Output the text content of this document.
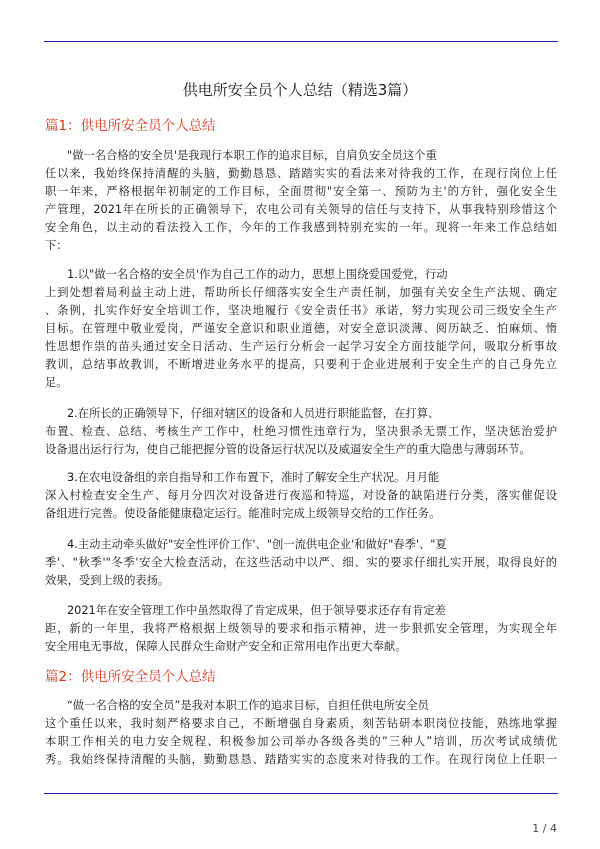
供电所安全员个人总结（精选3篇）
篇1：供电所安全员个人总结
"做一名合格的安全员'是我现行本职工作的追求目标，自肩负安全员这个重
任以来，我始终保持清醒的头脑，勤勤恳恳、踏踏实实的看法来对待我的工作，在现行岗位上任
职一年来，严格根据年初制定的工作目标，全面贯彻"安全第一、预防为主'的方针，强化安全生
产管理，2021年在所长的正确领导下，农电公司有关领导的信任与支持下，从事我特别珍惜这个
安全角色，以主动的看法投入工作，今年的工作我感到特别充实的一年。现将一年来工作总结如
下：
1.以"做一名合格的安全员'作为自己工作的动力，思想上围绕爱国爱党，行动
上到处想着局利益主动上进，帮助所长仔细落实安全生产责任制，加强有关安全生产法规、确定
、条例，扎实作好安全培训工作，坚决地履行《安全责任书》承诺，努力实现公司三级安全生产
目标。在管理中敬业爱岗，严谨安全意识和职业道德，对安全意识淡薄、阅历缺乏、怕麻烦、惰
性思想作祟的苗头通过安全日活动、生产运行分析会一起学习安全方面技能学问，吸取分析事故
教训，总结事故教训，不断增进业务水平的提高，只要利于企业进展利于安全生产的自己身先立
足。
2.在所长的正确领导下，仔细对辖区的设备和人员进行职能监督，在打算、
布置、检查、总结、考核生产工作中，杜绝习惯性违章行为，坚决狠杀无票工作，坚决惩治爱护
设备退出运行行为，使自己能把握分管的设备运行状况以及威逼安全生产的重大隐患与薄弱环节。
3.在农电设备组的亲自指导和工作布置下，准时了解安全生产状况。月月能
深入村检查安全生产、每月分四次对设备进行夜巡和特巡，对设备的缺陷进行分类，落实催促设
备组进行完善。使设备能健康稳定运行。能准时完成上级领导交给的工作任务。
4.主动主动牵头做好"安全性评价工作'、"创一流供电企业'和做好"春季'、"夏
季'、"秋季'"冬季'安全大检查活动，在这些活动中以严、细、实的要求仔细扎实开展，取得良好的
效果，受到上级的表扬。
2021年在安全管理工作中虽然取得了肯定成果，但于领导要求还存有肯定差
距，新的一年里，我将严格根据上级领导的要求和指示精神，进一步狠抓安全管理，为实现全年
安全用电无事故，保障人民群众生命财产安全和正常用电作出更大奉献。
篇2：供电所安全员个人总结
“做一名合格的安全员”是我对本职工作的追求目标，自担任供电所安全员
这个重任以来，我时刻严格要求自己，不断增强自身素质，刻苦钻研本职岗位技能，熟练地掌握
本职工作相关的电力安全规程、积极参加公司举办各级各类的”三种人”培训，历次考试成绩优
秀。我始终保持清醒的头脑，勤勤恳恳、踏踏实实的态度来对待我的工作。在现行岗位上任职一
1 / 4
